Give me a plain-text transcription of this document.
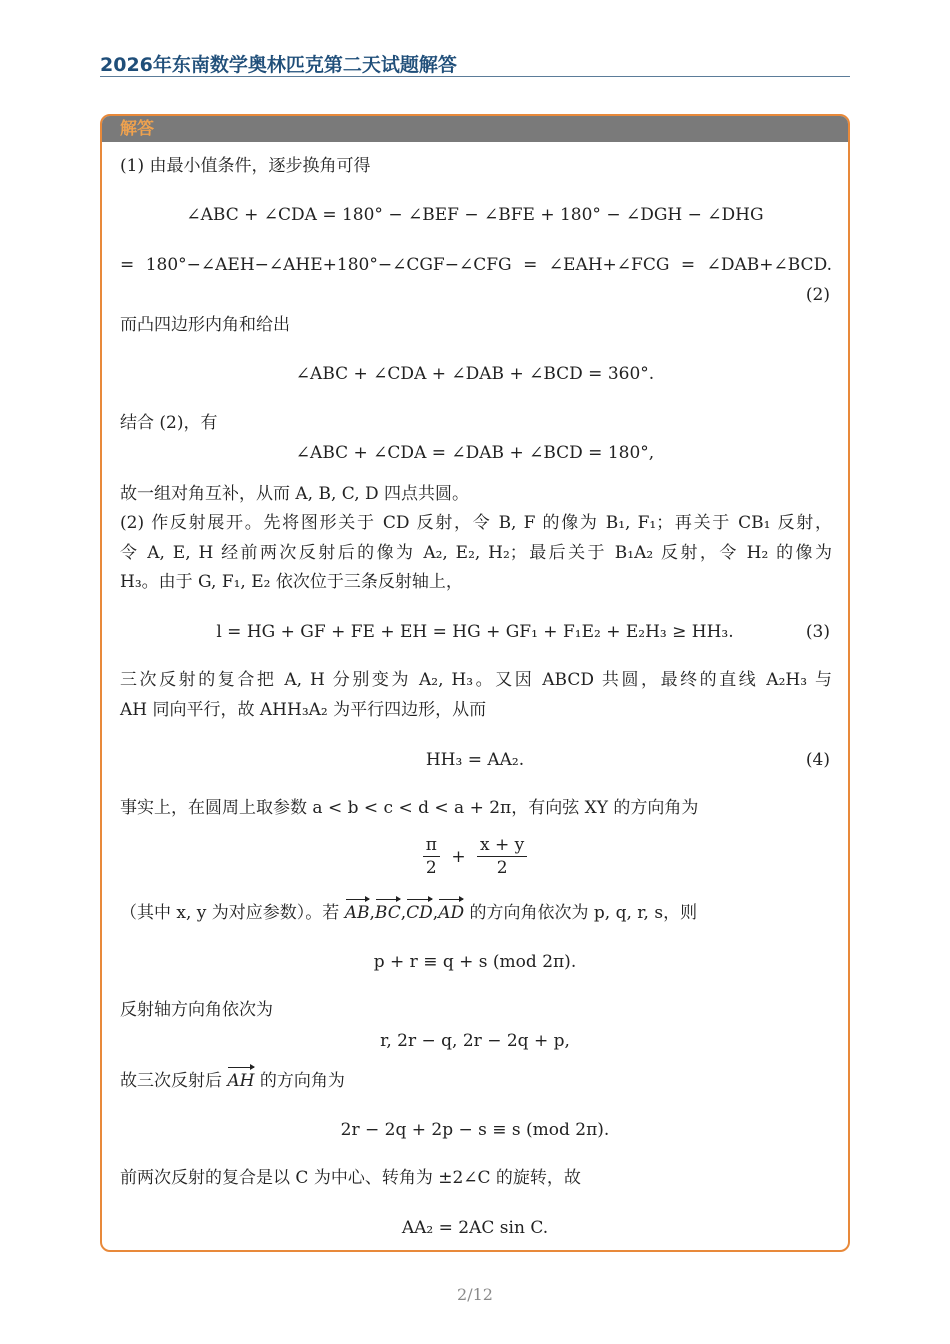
2026年东南数学奥林匹克第二天试题解答
解答
(1) 由最小值条件，逐步换角可得
∠ABC + ∠CDA = 180° − ∠BEF − ∠BFE + 180° − ∠DGH − ∠DHG
= 180°−∠AEH−∠AHE+180°−∠CGF−∠CFG = ∠EAH+∠FCG = ∠DAB+∠BCD.
(2)
而凸四边形内角和给出
∠ABC + ∠CDA + ∠DAB + ∠BCD = 360°.
结合 (2)，有
∠ABC + ∠CDA = ∠DAB + ∠BCD = 180°,
故一组对角互补，从而 A, B, C, D 四点共圆。
(2) 作反射展开。先将图形关于 CD 反射，令 B, F 的像为 B₁, F₁；再关于 CB₁ 反射，
令 A, E, H 经前两次反射后的像为 A₂, E₂, H₂；最后关于 B₁A₂ 反射，令 H₂ 的像为
H₃。由于 G, F₁, E₂ 依次位于三条反射轴上，
l = HG + GF + FE + EH = HG + GF₁ + F₁E₂ + E₂H₃ ≥ HH₃.	(3)
三次反射的复合把 A, H 分别变为 A₂, H₃。又因 ABCD 共圆，最终的直线 A₂H₃ 与
AH 同向平行，故 AHH₃A₂ 为平行四边形，从而
HH₃ = AA₂.	(4)
事实上，在圆周上取参数 a < b < c < d < a + 2π，有向弦 XY 的方向角为
$\frac{\pi}{2} + \frac{x + y}{2}$
（其中 x, y 为对应参数）。若 AB,BC,CD,AD 的方向角依次为 p, q, r, s，则
p + r ≡ q + s (mod 2π).
反射轴方向角依次为
r, 2r − q, 2r − 2q + p,
故三次反射后 AH 的方向角为
2r − 2q + 2p − s ≡ s (mod 2π).
前两次反射的复合是以 C 为中心、转角为 ±2∠C 的旋转，故
AA₂ = 2AC sin C.
2/12
